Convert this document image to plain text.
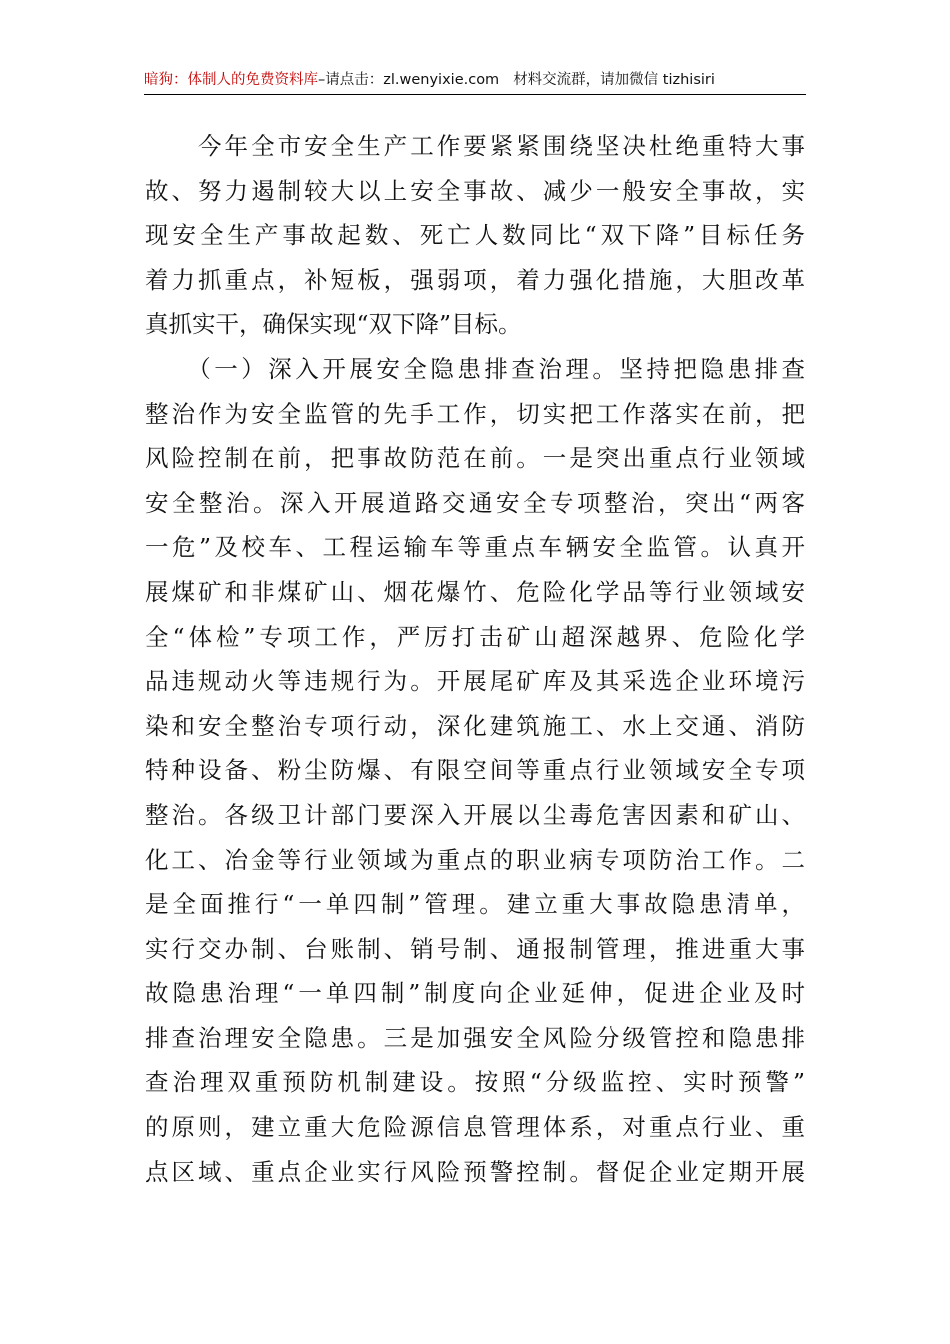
暗狗：体制人的免费资料库–请点击：zl.wenyixie.com 材料交流群，请加微信 tizhisiri
　　今年全市安全生产工作要紧紧围绕坚决杜绝重特大事
故、努力遏制较大以上安全事故、减少一般安全事故，实
现安全生产事故起数、死亡人数同比“双下降”目标任务
着力抓重点，补短板，强弱项，着力强化措施，大胆改革
真抓实干，确保实现“双下降”目标。
　　（一）深入开展安全隐患排查治理。坚持把隐患排查
整治作为安全监管的先手工作，切实把工作落实在前，把
风险控制在前，把事故防范在前。一是突出重点行业领域
安全整治。深入开展道路交通安全专项整治，突出“两客
一危”及校车、工程运输车等重点车辆安全监管。认真开
展煤矿和非煤矿山、烟花爆竹、危险化学品等行业领域安
全“体检”专项工作，严厉打击矿山超深越界、危险化学
品违规动火等违规行为。开展尾矿库及其采选企业环境污
染和安全整治专项行动，深化建筑施工、水上交通、消防
特种设备、粉尘防爆、有限空间等重点行业领域安全专项
整治。各级卫计部门要深入开展以尘毒危害因素和矿山、
化工、冶金等行业领域为重点的职业病专项防治工作。二
是全面推行“一单四制”管理。建立重大事故隐患清单，
实行交办制、台账制、销号制、通报制管理，推进重大事
故隐患治理“一单四制”制度向企业延伸，促进企业及时
排查治理安全隐患。三是加强安全风险分级管控和隐患排
查治理双重预防机制建设。按照“分级监控、实时预警”
的原则，建立重大危险源信息管理体系，对重点行业、重
点区域、重点企业实行风险预警控制。督促企业定期开展
